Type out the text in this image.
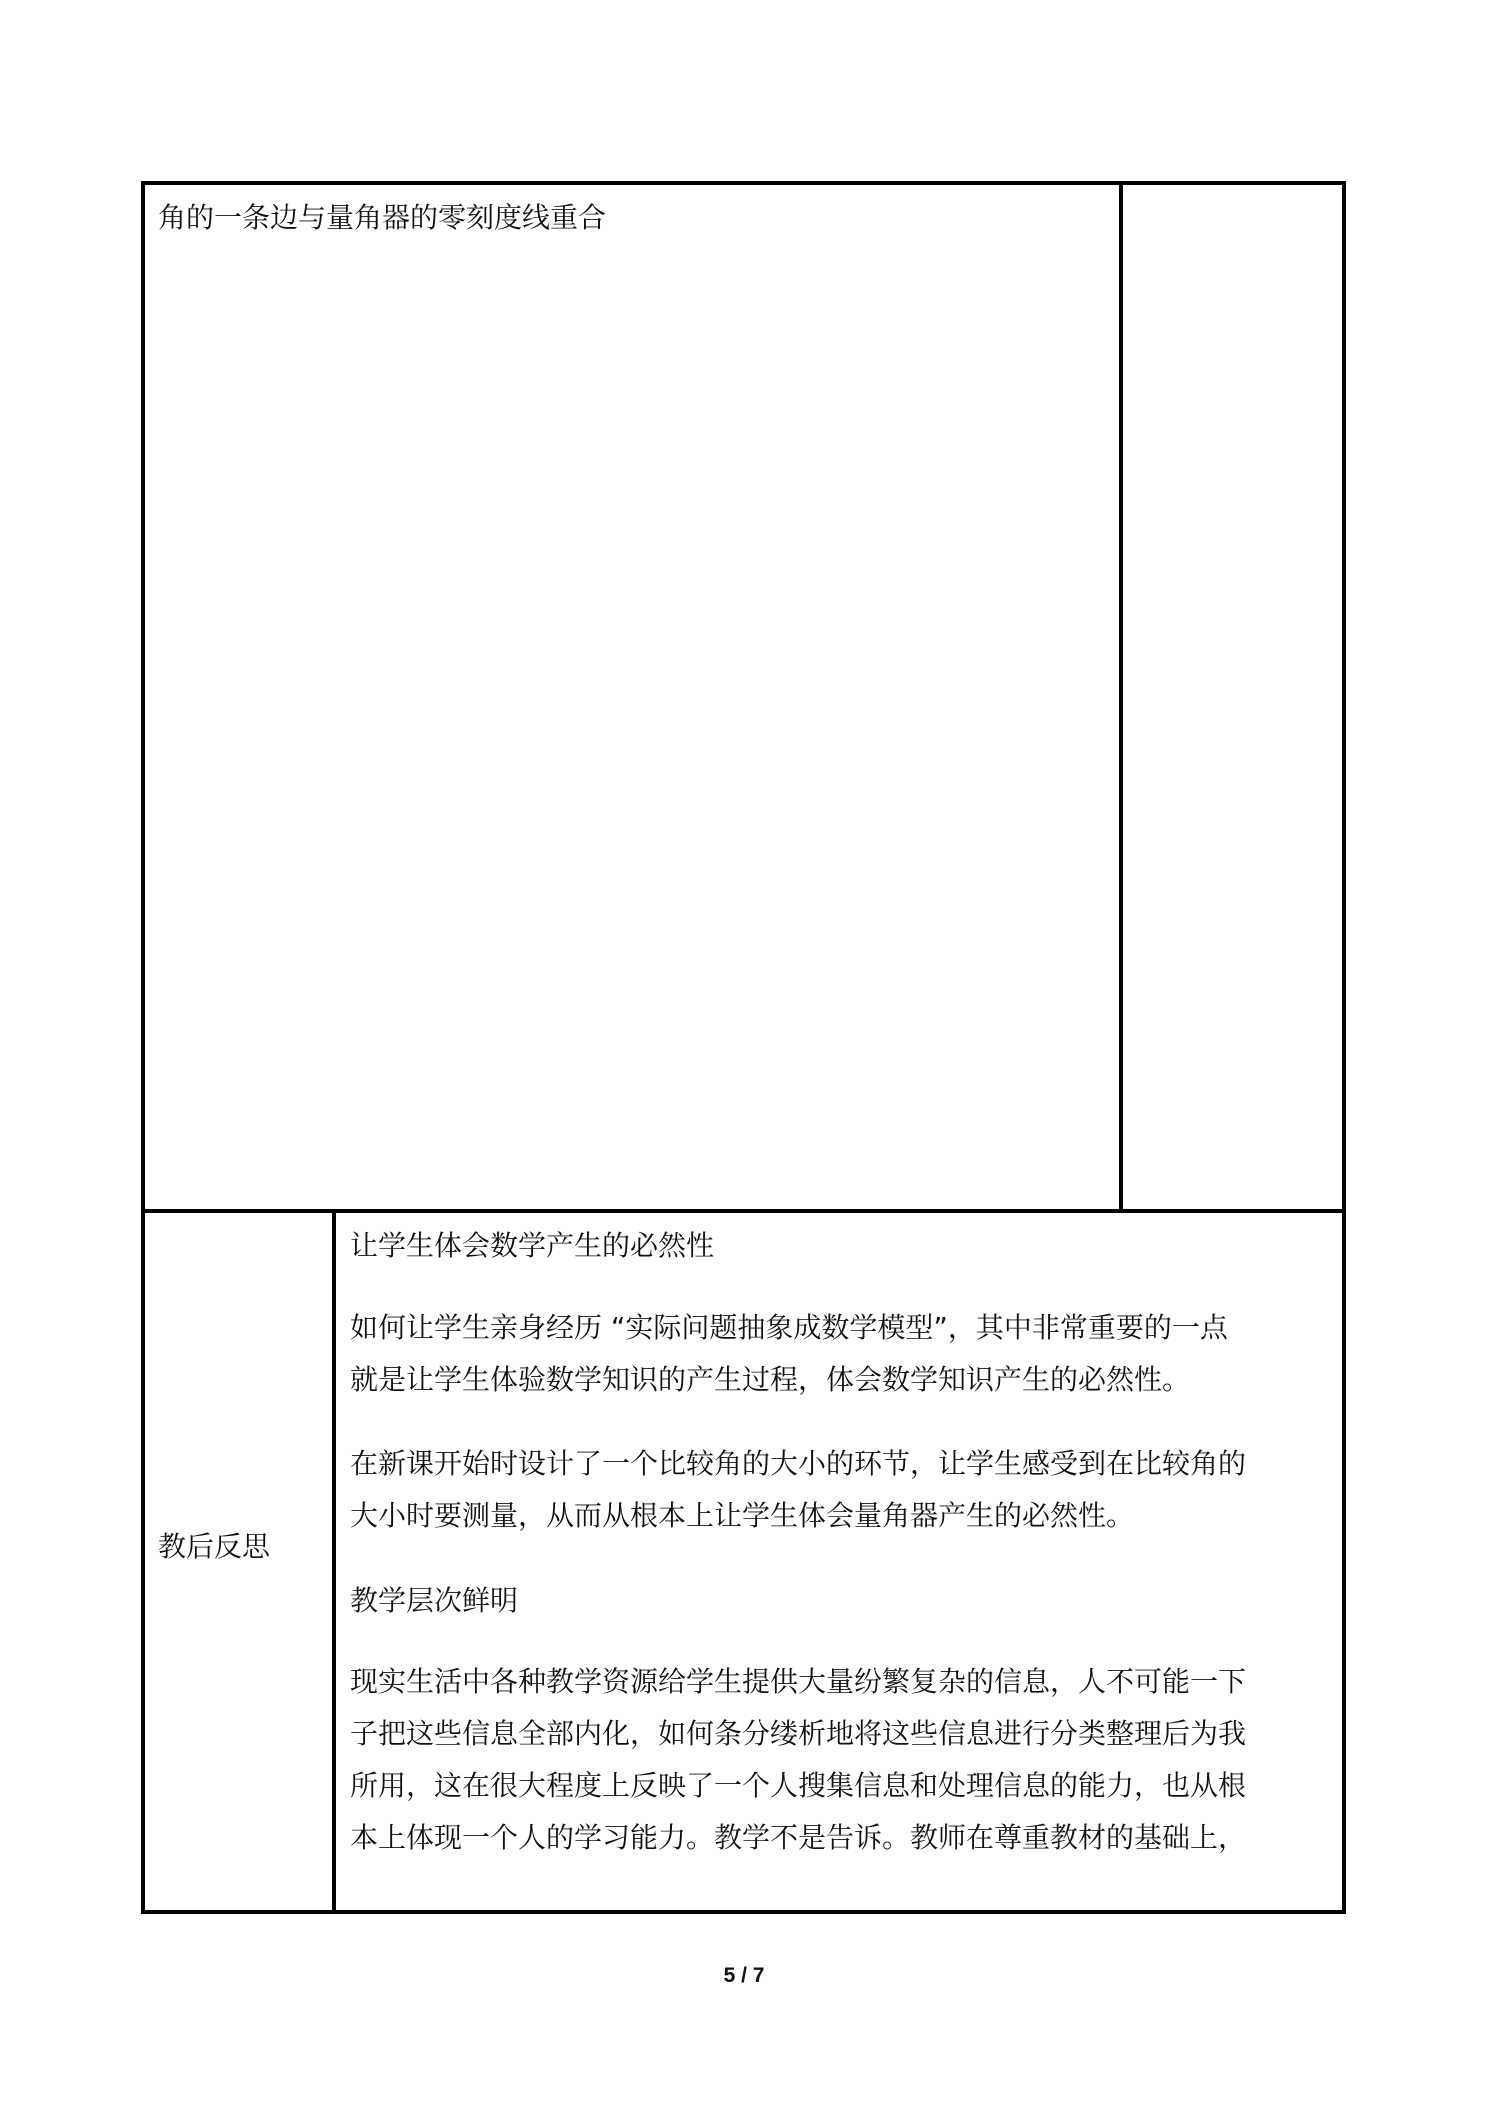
角的一条边与量角器的零刻度线重合
教后反思
让学生体会数学产生的必然性
如何让学生亲身经历 “实际问题抽象成数学模型”，其中非常重要的一点
就是让学生体验数学知识的产生过程，体会数学知识产生的必然性。
在新课开始时设计了一个比较角的大小的环节，让学生感受到在比较角的
大小时要测量，从而从根本上让学生体会量角器产生的必然性。
教学层次鲜明
现实生活中各种教学资源给学生提供大量纷繁复杂的信息，人不可能一下
子把这些信息全部内化，如何条分缕析地将这些信息进行分类整理后为我
所用，这在很大程度上反映了一个人搜集信息和处理信息的能力，也从根
本上体现一个人的学习能力。教学不是告诉。教师在尊重教材的基础上，
5 / 7
